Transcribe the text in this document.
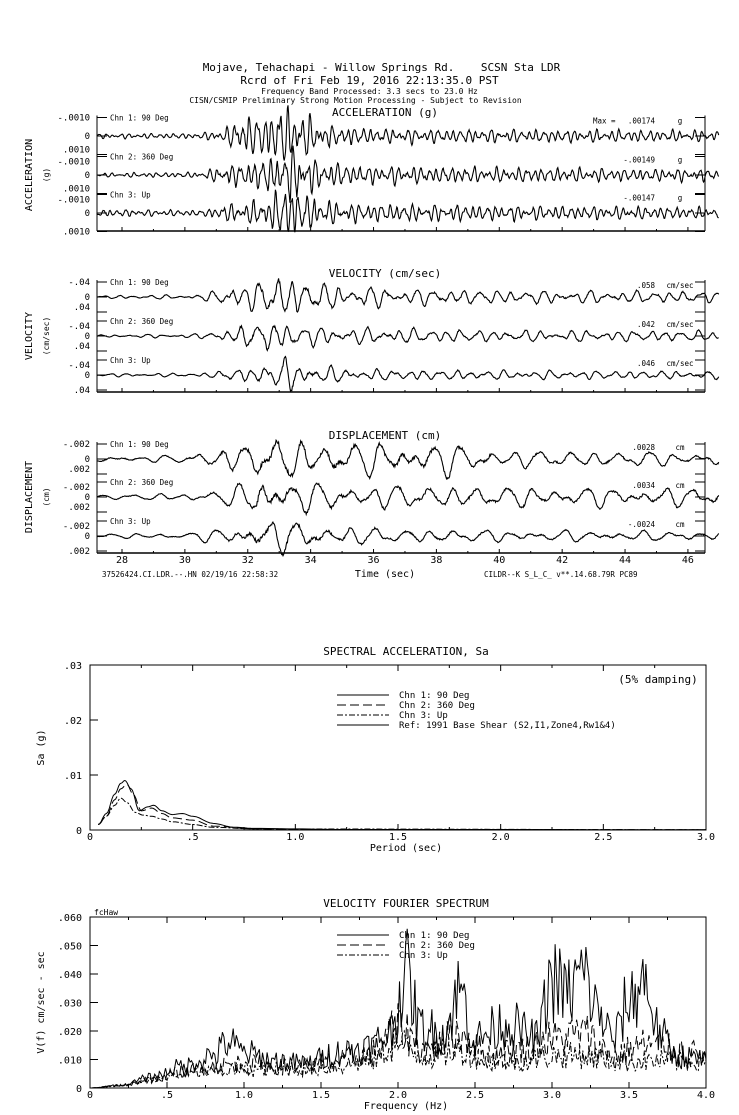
Mojave, Tehachapi - Willow Springs Rd.    SCSN Sta LDR
Rcrd of Fri Feb 19, 2016 22:13:35.0 PST
Frequency Band Processed: 3.3 secs to 23.0 Hz
CISN/CSMIP Preliminary Strong Motion Processing - Subject to Revision
ACCELERATION (g)
ACCELERATION (g)
.0010
0
-.0010	Chn 1: 90 Deg	Max = .00174	g
.0010
0
-.0010
Chn 2: 360 Deg	-.00149	g
.0010
0
-.0010
Chn 3: Up	-.00147	g
VELOCITY (cm/sec)
VELOCITY (cm/sec)
.04
0
-.04	Chn 1: 90 Deg	.058 cm/sec
.04
0
-.04
Chn 2: 360 Deg	.042 cm/sec
.04
0
-.04
Chn 3: Up	.046 cm/sec
DISPLACEMENT (cm)
DISPLACEMENT (cm)
.002
0
-.002	Chn 1: 90 Deg	.0028	cm
.002
0
-.002
Chn 2: 360 Deg	.0034	cm
.002
0
-.002
Chn 3: Up	-.0024	cm
28	30	32	34	36	38	40	42	44	46
Time (sec)
37526424.CI.LDR.--.HN 02/19/16 22:58:32	CILDR--K S_L_C_ v**.14.68.79R PC89
SPECTRAL ACCELERATION, Sa
Period (sec)
Sa (g)
0	.5	1.0	1.5	2.0	2.5	3.0
.03
.02
.01
0
Chn 1: 90 Deg
Chn 2: 360 Deg
Chn 3: Up
Ref: 1991 Base Shear (S2,I1,Zone4,Rw1&4)
(5% damping)
VELOCITY FOURIER SPECTRUM
Frequency (Hz)
V(f) cm/sec - sec
0	.5	1.0	1.5	2.0	2.5	3.0	3.5	4.0
.060
.050
.040
.030
.020
.010
0
Chn 1: 90 Deg
Chn 2: 360 Deg
Chn 3: Up
fcHaw
